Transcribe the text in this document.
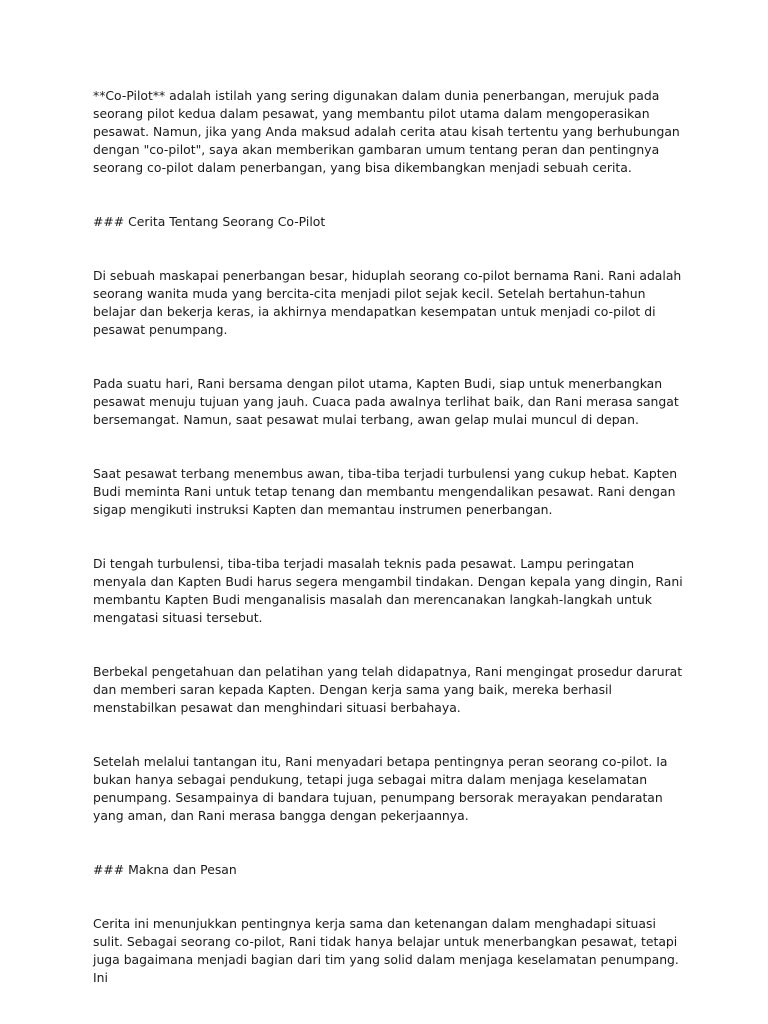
**Co-Pilot** adalah istilah yang sering digunakan dalam dunia penerbangan, merujuk pada seorang pilot kedua dalam pesawat, yang membantu pilot utama dalam mengoperasikan pesawat. Namun, jika yang Anda maksud adalah cerita atau kisah tertentu yang berhubungan dengan "co-pilot", saya akan memberikan gambaran umum tentang peran dan pentingnya seorang co-pilot dalam penerbangan, yang bisa dikembangkan menjadi sebuah cerita.

### Cerita Tentang Seorang Co-Pilot

Di sebuah maskapai penerbangan besar, hiduplah seorang co-pilot bernama Rani. Rani adalah seorang wanita muda yang bercita-cita menjadi pilot sejak kecil. Setelah bertahun-tahun belajar dan bekerja keras, ia akhirnya mendapatkan kesempatan untuk menjadi co-pilot di pesawat penumpang.

Pada suatu hari, Rani bersama dengan pilot utama, Kapten Budi, siap untuk menerbangkan pesawat menuju tujuan yang jauh. Cuaca pada awalnya terlihat baik, dan Rani merasa sangat bersemangat. Namun, saat pesawat mulai terbang, awan gelap mulai muncul di depan.

Saat pesawat terbang menembus awan, tiba-tiba terjadi turbulensi yang cukup hebat. Kapten Budi meminta Rani untuk tetap tenang dan membantu mengendalikan pesawat. Rani dengan sigap mengikuti instruksi Kapten dan memantau instrumen penerbangan.

Di tengah turbulensi, tiba-tiba terjadi masalah teknis pada pesawat. Lampu peringatan menyala dan Kapten Budi harus segera mengambil tindakan. Dengan kepala yang dingin, Rani membantu Kapten Budi menganalisis masalah dan merencanakan langkah-langkah untuk mengatasi situasi tersebut.

Berbekal pengetahuan dan pelatihan yang telah didapatnya, Rani mengingat prosedur darurat dan memberi saran kepada Kapten. Dengan kerja sama yang baik, mereka berhasil menstabilkan pesawat dan menghindari situasi berbahaya.

Setelah melalui tantangan itu, Rani menyadari betapa pentingnya peran seorang co-pilot. Ia bukan hanya sebagai pendukung, tetapi juga sebagai mitra dalam menjaga keselamatan penumpang. Sesampainya di bandara tujuan, penumpang bersorak merayakan pendaratan yang aman, dan Rani merasa bangga dengan pekerjaannya.

### Makna dan Pesan

Cerita ini menunjukkan pentingnya kerja sama dan ketenangan dalam menghadapi situasi sulit. Sebagai seorang co-pilot, Rani tidak hanya belajar untuk menerbangkan pesawat, tetapi juga bagaimana menjadi bagian dari tim yang solid dalam menjaga keselamatan penumpang. Ini
